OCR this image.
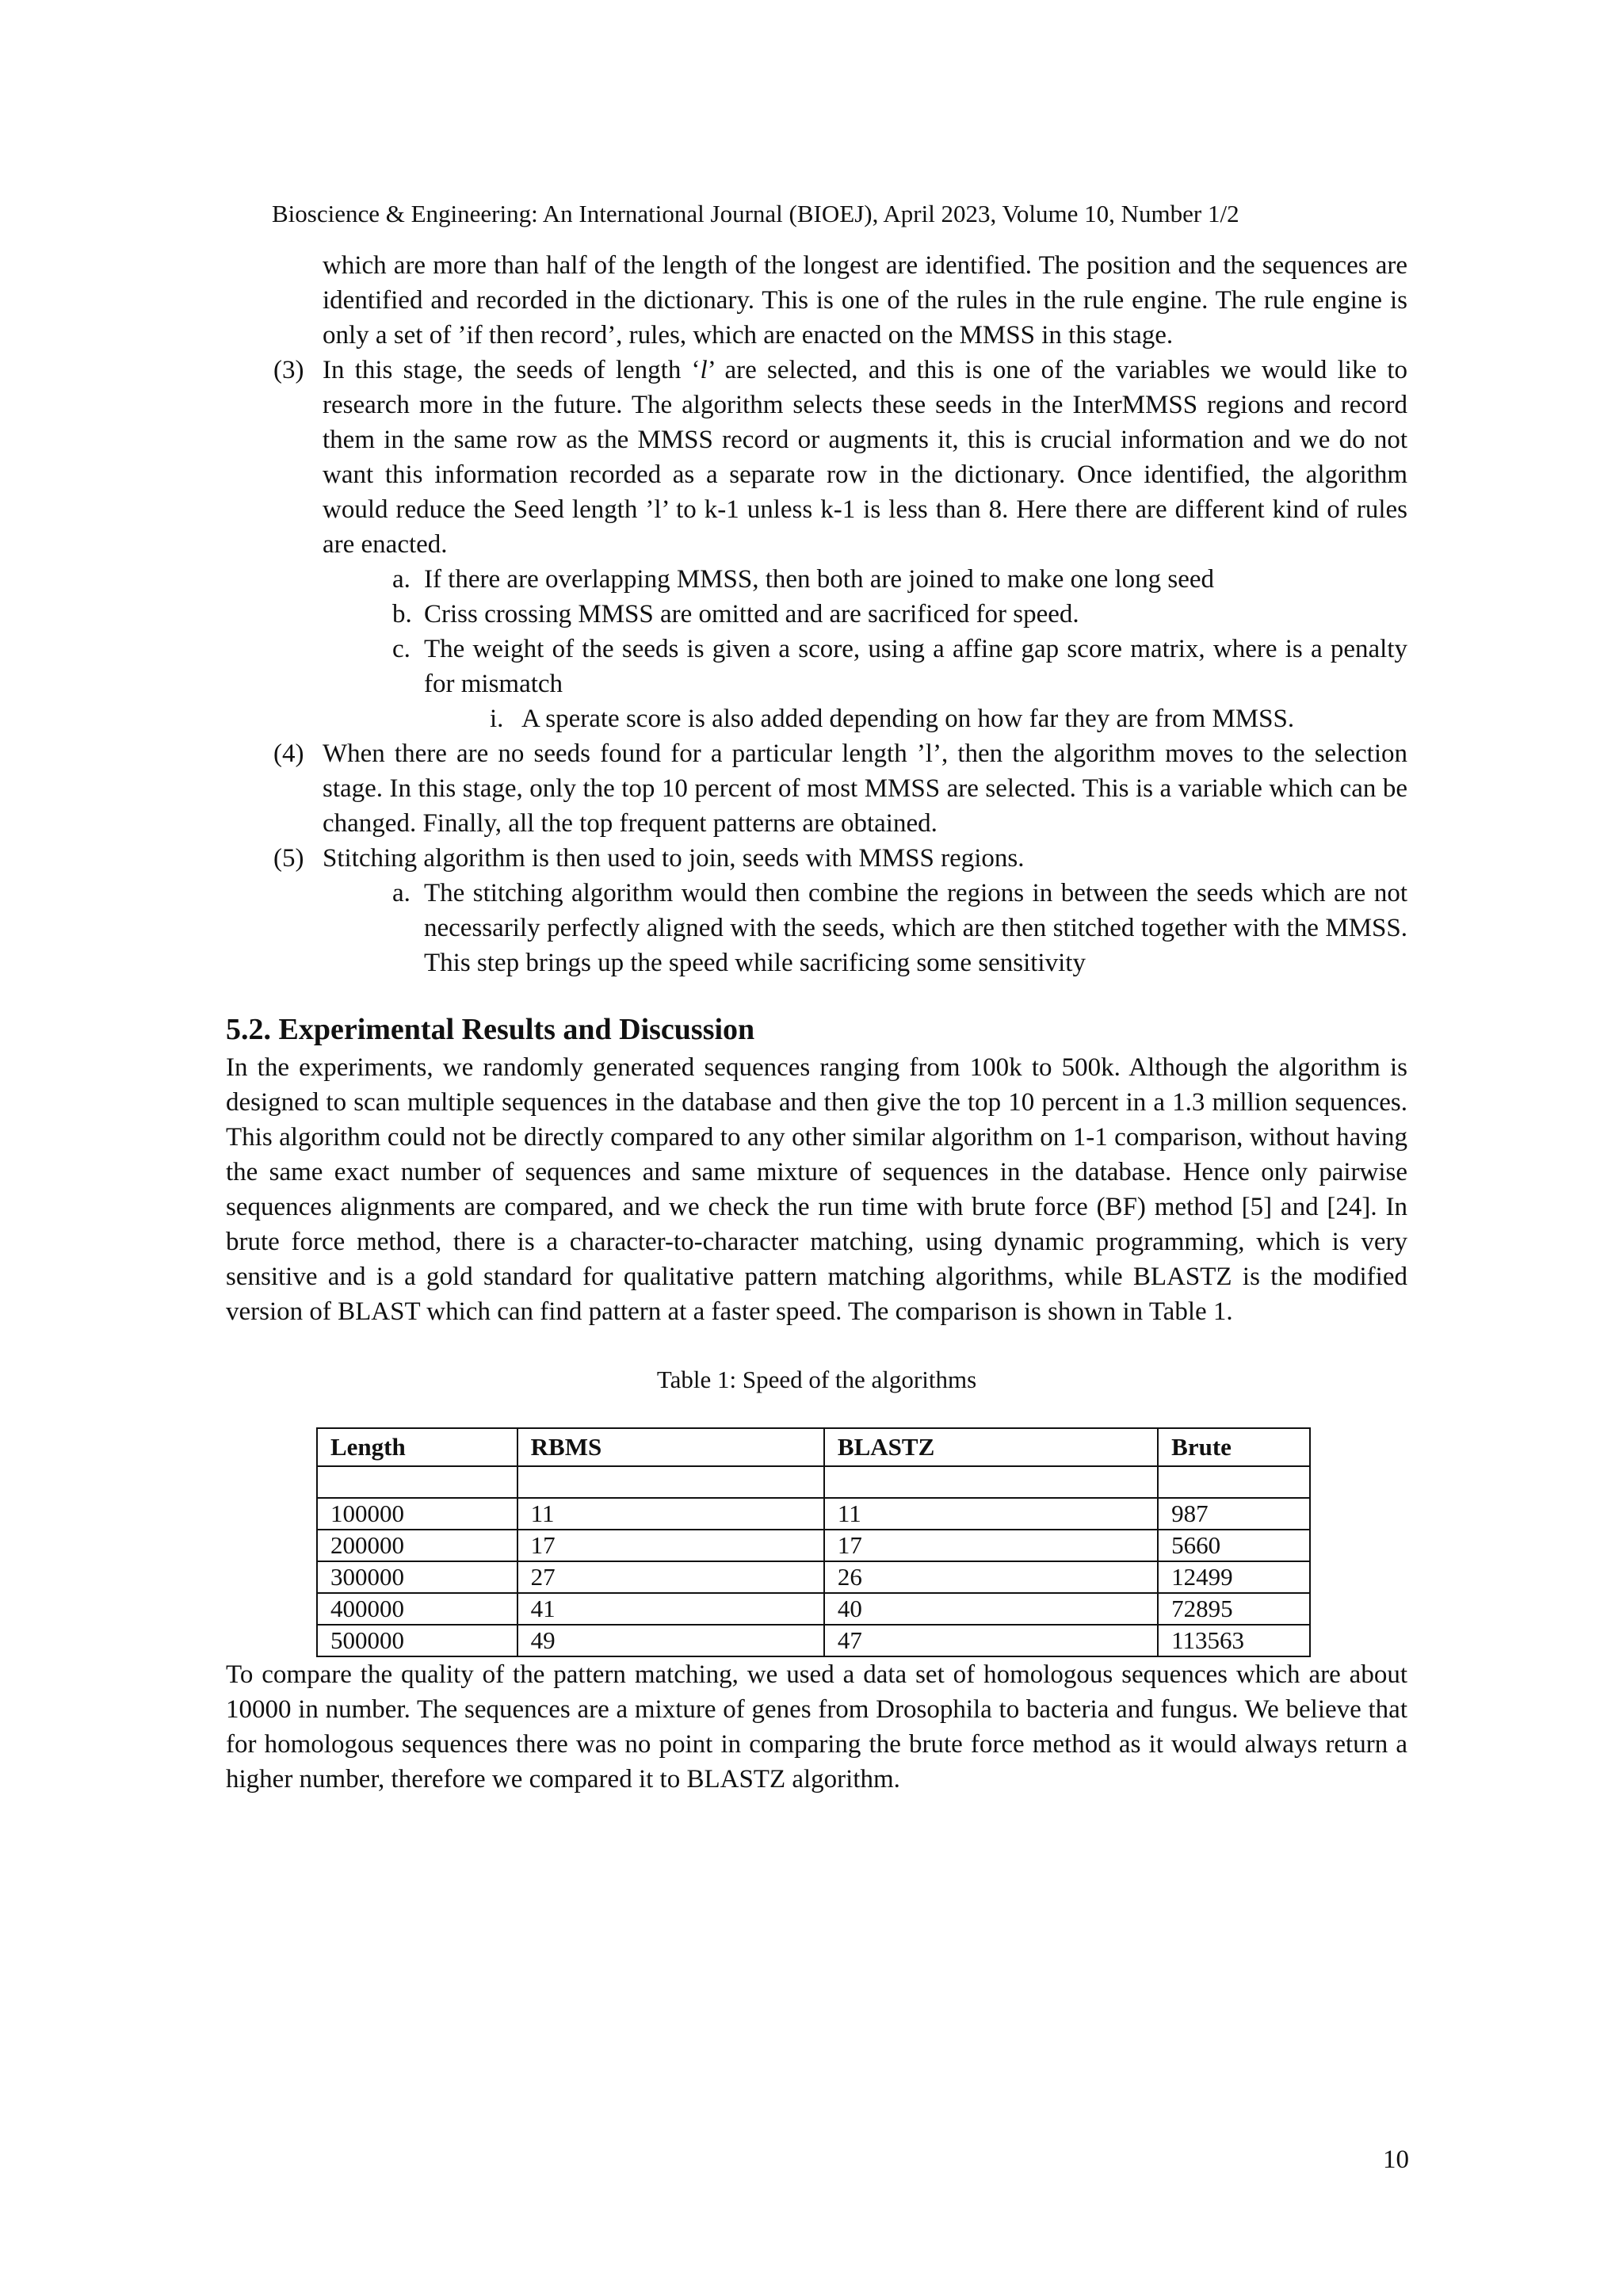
Bioscience & Engineering: An International Journal (BIOEJ), April 2023, Volume 10, Number 1/2

which are more than half of the length of the longest are identified. The position and the sequences are identified and recorded in the dictionary. This is one of the rules in the rule engine. The rule engine is only a set of ’if then record’, rules, which are enacted on the MMSS in this stage.

(3) In this stage, the seeds of length ‘l’ are selected, and this is one of the variables we would like to research more in the future. The algorithm selects these seeds in the InterMMSS regions and record them in the same row as the MMSS record or augments it, this is crucial information and we do not want this information recorded as a separate row in the dictionary. Once identified, the algorithm would reduce the Seed length ’l’ to k-1 unless k-1 is less than 8. Here there are different kind of rules are enacted.
a. If there are overlapping MMSS, then both are joined to make one long seed
b. Criss crossing MMSS are omitted and are sacrificed for speed.
c. The weight of the seeds is given a score, using a affine gap score matrix, where is a penalty for mismatch
i. A sperate score is also added depending on how far they are from MMSS.
(4) When there are no seeds found for a particular length ’l’, then the algorithm moves to the selection stage. In this stage, only the top 10 percent of most MMSS are selected. This is a variable which can be changed. Finally, all the top frequent patterns are obtained.
(5) Stitching algorithm is then used to join, seeds with MMSS regions.
a. The stitching algorithm would then combine the regions in between the seeds which are not necessarily perfectly aligned with the seeds, which are then stitched together with the MMSS. This step brings up the speed while sacrificing some sensitivity
5.2. Experimental Results and Discussion

In the experiments, we randomly generated sequences ranging from 100k to 500k. Although the algorithm is designed to scan multiple sequences in the database and then give the top 10 percent in a 1.3 million sequences. This algorithm could not be directly compared to any other similar algorithm on 1-1 comparison, without having the same exact number of sequences and same mixture of sequences in the database. Hence only pairwise sequences alignments are compared, and we check the run time with brute force (BF) method [5] and [24]. In brute force method, there is a character-to-character matching, using dynamic programming, which is very sensitive and is a gold standard for qualitative pattern matching algorithms, while BLASTZ is the modified version of BLAST which can find pattern at a faster speed. The comparison is shown in Table 1.

Table 1: Speed of the algorithms
Length	RBMS	BLASTZ	Brute

100000	11	11	987
200000	17	17	5660
300000	27	26	12499
400000	41	40	72895
500000	49	47	113563

To compare the quality of the pattern matching, we used a data set of homologous sequences which are about 10000 in number. The sequences are a mixture of genes from Drosophila to bacteria and fungus. We believe that for homologous sequences there was no point in comparing the brute force method as it would always return a higher number, therefore we compared it to BLASTZ algorithm.

10
